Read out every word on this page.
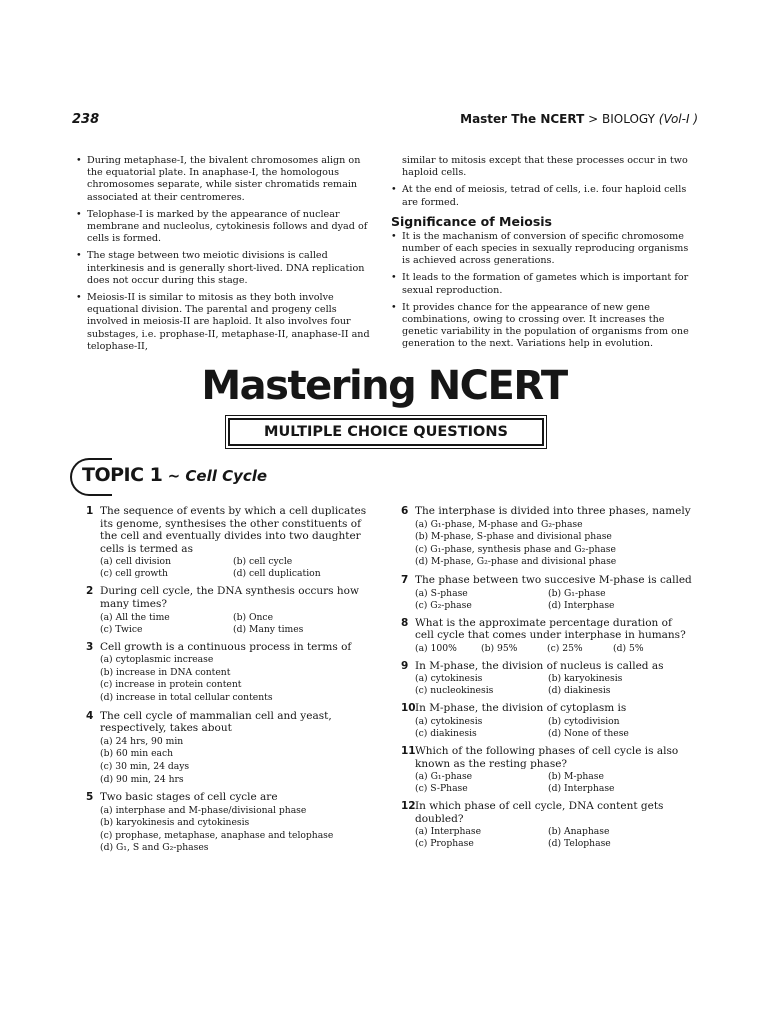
238	Master The NCERT > BIOLOGY (Vol-I )
• During metaphase-I, the bivalent chromosomes align on the equatorial plate. In anaphase-I, the homologous chromosomes separate, while sister chromatids remain associated at their centromeres.
• Telophase-I is marked by the appearance of nuclear membrane and nucleolus, cytokinesis follows and dyad of cells is formed.
• The stage between two meiotic divisions is called interkinesis and is generally short-lived. DNA replication does not occur during this stage.
• Meiosis-II is similar to mitosis as they both involve equational division. The parental and progeny cells involved in meiosis-II are haploid. It also involves four substages, i.e. prophase-II, metaphase-II, anaphase-II and telophase-II,
similar to mitosis except that these processes occur in two haploid cells.
• At the end of meiosis, tetrad of cells, i.e. four haploid cells are formed.
Significance of Meiosis
• It is the machanism of conversion of specific chromosome number of each species in sexually reproducing organisms is achieved across generations.
• It leads to the formation of gametes which is important for sexual reproduction.
• It provides chance for the appearance of new gene combinations, owing to crossing over. It increases the genetic variability in the population of organisms from one generation to the next. Variations help in evolution.
Mastering NCERT
MULTIPLE CHOICE QUESTIONS
TOPIC 1 ~ Cell Cycle
1 The sequence of events by which a cell duplicates its genome, synthesises the other constituents of the cell and eventually divides into two daughter cells is termed as
(a) cell division	(b) cell cycle
(c) cell growth	(d) cell duplication
2 During cell cycle, the DNA synthesis occurs how many times?
(a) All the time	(b) Once
(c) Twice	(d) Many times
3 Cell growth is a continuous process in terms of
(a) cytoplasmic increase
(b) increase in DNA content
(c) increase in protein content
(d) increase in total cellular contents
4 The cell cycle of mammalian cell and yeast, respectively, takes about
(a) 24 hrs, 90 min
(b) 60 min each
(c) 30 min, 24 days
(d) 90 min, 24 hrs
5 Two basic stages of cell cycle are
(a) interphase and M-phase/divisional phase
(b) karyokinesis and cytokinesis
(c) prophase, metaphase, anaphase and telophase
(d) G₁, S and G₂-phases
6 The interphase is divided into three phases, namely
(a) G₁-phase, M-phase and G₂-phase
(b) M-phase, S-phase and divisional phase
(c) G₁-phase, synthesis phase and G₂-phase
(d) M-phase, G₂-phase and divisional phase
7 The phase between two succesive M-phase is called
(a) S-phase	(b) G₁-phase
(c) G₂-phase	(d) Interphase
8 What is the approximate percentage duration of cell cycle that comes under interphase in humans?
(a) 100%	(b) 95%	(c) 25%	(d) 5%
9 In M-phase, the division of nucleus is called as
(a) cytokinesis	(b) karyokinesis
(c) nucleokinesis	(d) diakinesis
10 In M-phase, the division of cytoplasm is
(a) cytokinesis	(b) cytodivision
(c) diakinesis	(d) None of these
11 Which of the following phases of cell cycle is also known as the resting phase?
(a) G₁-phase	(b) M-phase
(c) S-Phase	(d) Interphase
12 In which phase of cell cycle, DNA content gets doubled?
(a) Interphase	(b) Anaphase
(c) Prophase	(d) Telophase
